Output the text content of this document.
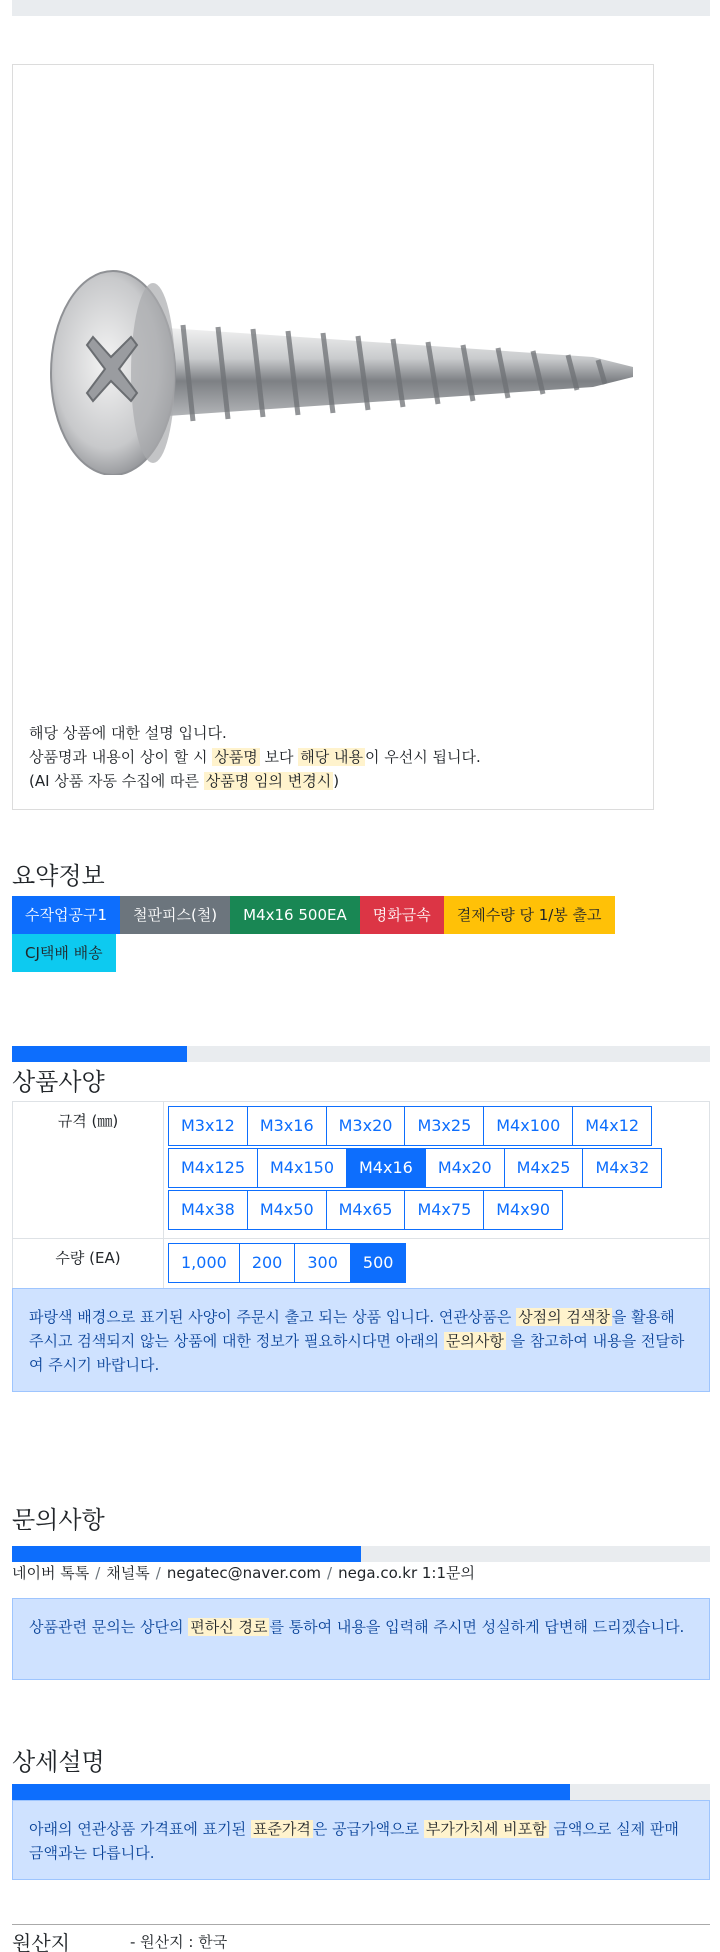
해당 상품에 대한 설명 입니다.

상품명과 내용이 상이 할 시 상품명 보다 해당 내용 이 우선시 됩니다.

(AI 상품 자동 수집에 따른 상품명 임의 변경시 )

요약정보
수작업공구1	철판피스(철)	M4x16 500EA	명화금속	결제수량 당 1/봉 출고
CJ택배 배송
상품사양
규격 (㎜)	M3x12	M3x16	M3x20	M3x25	M4x100	M4x12
M4x125	M4x150	M4x16	M4x20	M4x25	M4x32
M4x38	M4x50	M4x65	M4x75	M4x90
수량 (EA)	1,000	200	300	500
파랑색 배경으로 표기된 사양이 주문시 출고 되는 상품 입니다. 연관상품은 상점의 검색창 을 활용해 주시고 검색되지 않는 상품에 대한 정보가 필요하시다면 아래의 문의사항 을 참고하여 내용을 전달하여 주시기 바랍니다.
문의사항
네이버 톡톡 / 채널톡 / negatec@naver.com / nega.co.kr 1:1문의
상품관련 문의는 상단의 편하신 경로 를 통하여 내용을 입력해 주시면 성실하게 답변해 드리겠습니다.
상세설명
아래의 연관상품 가격표에 표기된 표준가격 은 공급가액으로 부가가치세 비포함 금액으로 실제 판매금액과는 다릅니다.
원산지	- 원산지 : 한국
